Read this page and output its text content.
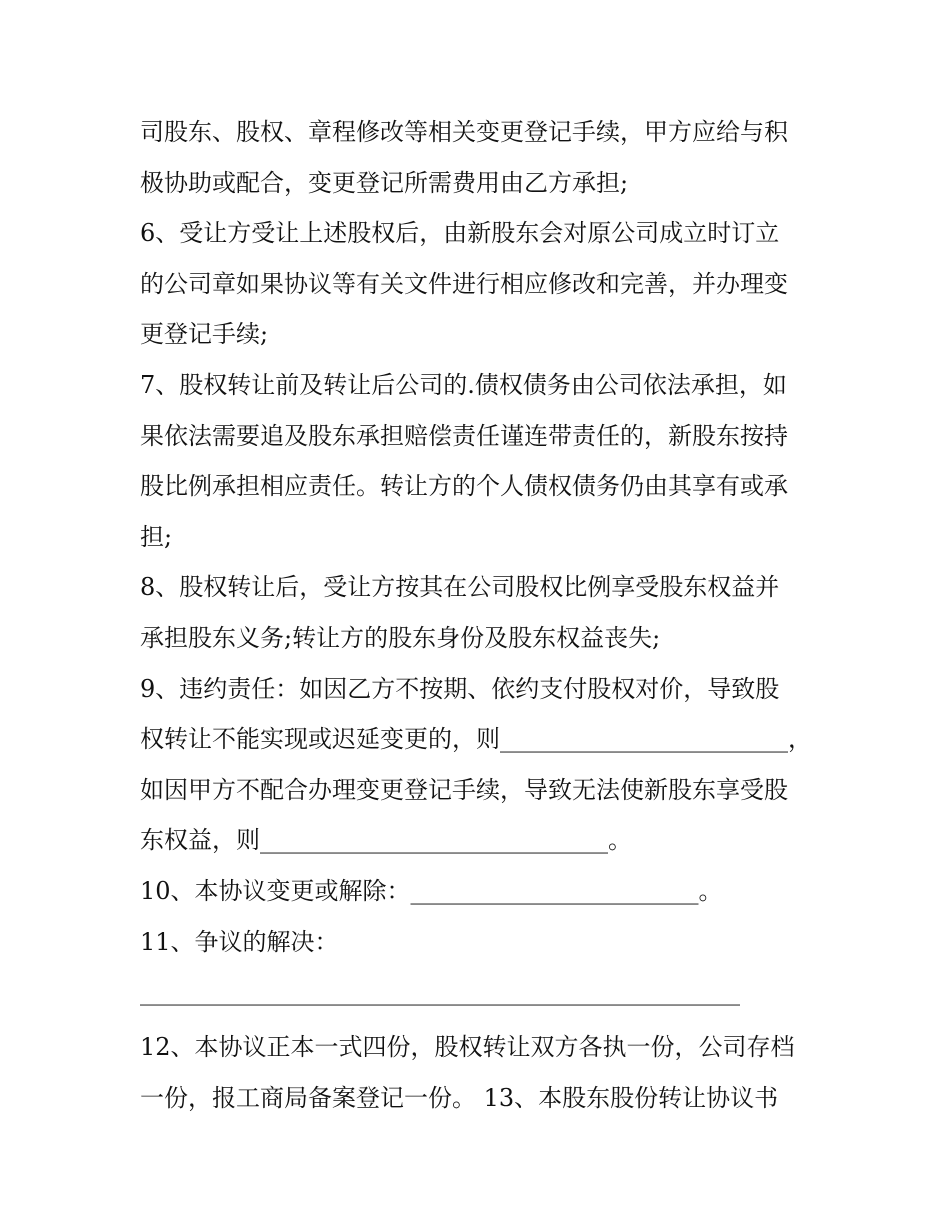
司股东、股权、章程修改等相关变更登记手续，甲方应给与积
极协助或配合，变更登记所需费用由乙方承担;
6、受让方受让上述股权后，由新股东会对原公司成立时订立
的公司章如果协议等有关文件进行相应修改和完善，并办理变
更登记手续;
7、股权转让前及转让后公司的.债权债务由公司依法承担，如
果依法需要追及股东承担赔偿责任谨连带责任的，新股东按持
股比例承担相应责任。转让方的个人债权债务仍由其享有或承
担;
8、股权转让后，受让方按其在公司股权比例享受股东权益并
承担股东义务;转让方的股东身份及股东权益丧失;
9、违约责任：如因乙方不按期、依约支付股权对价，导致股
权转让不能实现或迟延变更的，则________________________，
如因甲方不配合办理变更登记手续，导致无法使新股东享受股
东权益，则_____________________________。
10、本协议变更或解除：________________________。
11、争议的解决：
__________________________________________________
12、本协议正本一式四份，股权转让双方各执一份，公司存档
一份，报工商局备案登记一份。 13、本股东股份转让协议书
